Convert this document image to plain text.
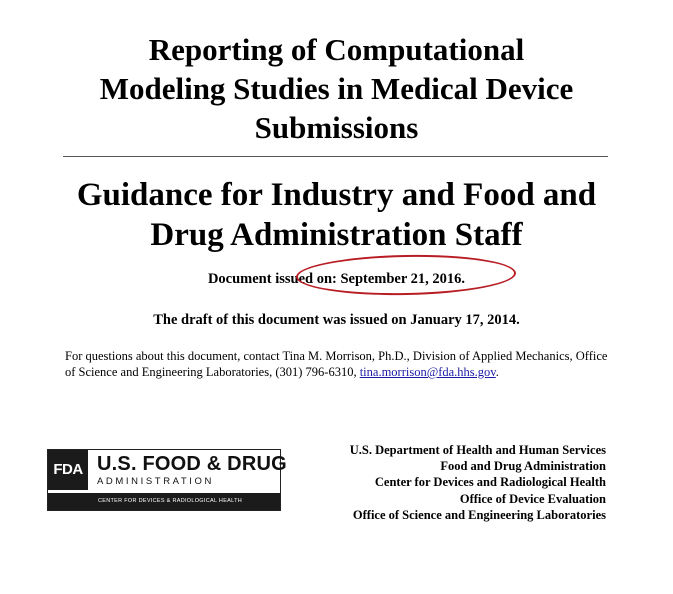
Reporting of Computational
Modeling Studies in Medical Device
Submissions
Guidance for Industry and Food and
Drug Administration Staff
Document issued on: September 21, 2016.
The draft of this document was issued on January 17, 2014.
For questions about this document, contact Tina M. Morrison, Ph.D., Division of Applied Mechanics, Office of Science and Engineering Laboratories, (301) 796-6310, tina.morrison@fda.hhs.gov.
FDA U.S. FOOD & DRUG
ADMINISTRATION
CENTER FOR DEVICES & RADIOLOGICAL HEALTH
U.S. Department of Health and Human Services
Food and Drug Administration
Center for Devices and Radiological Health
Office of Device Evaluation
Office of Science and Engineering Laboratories
